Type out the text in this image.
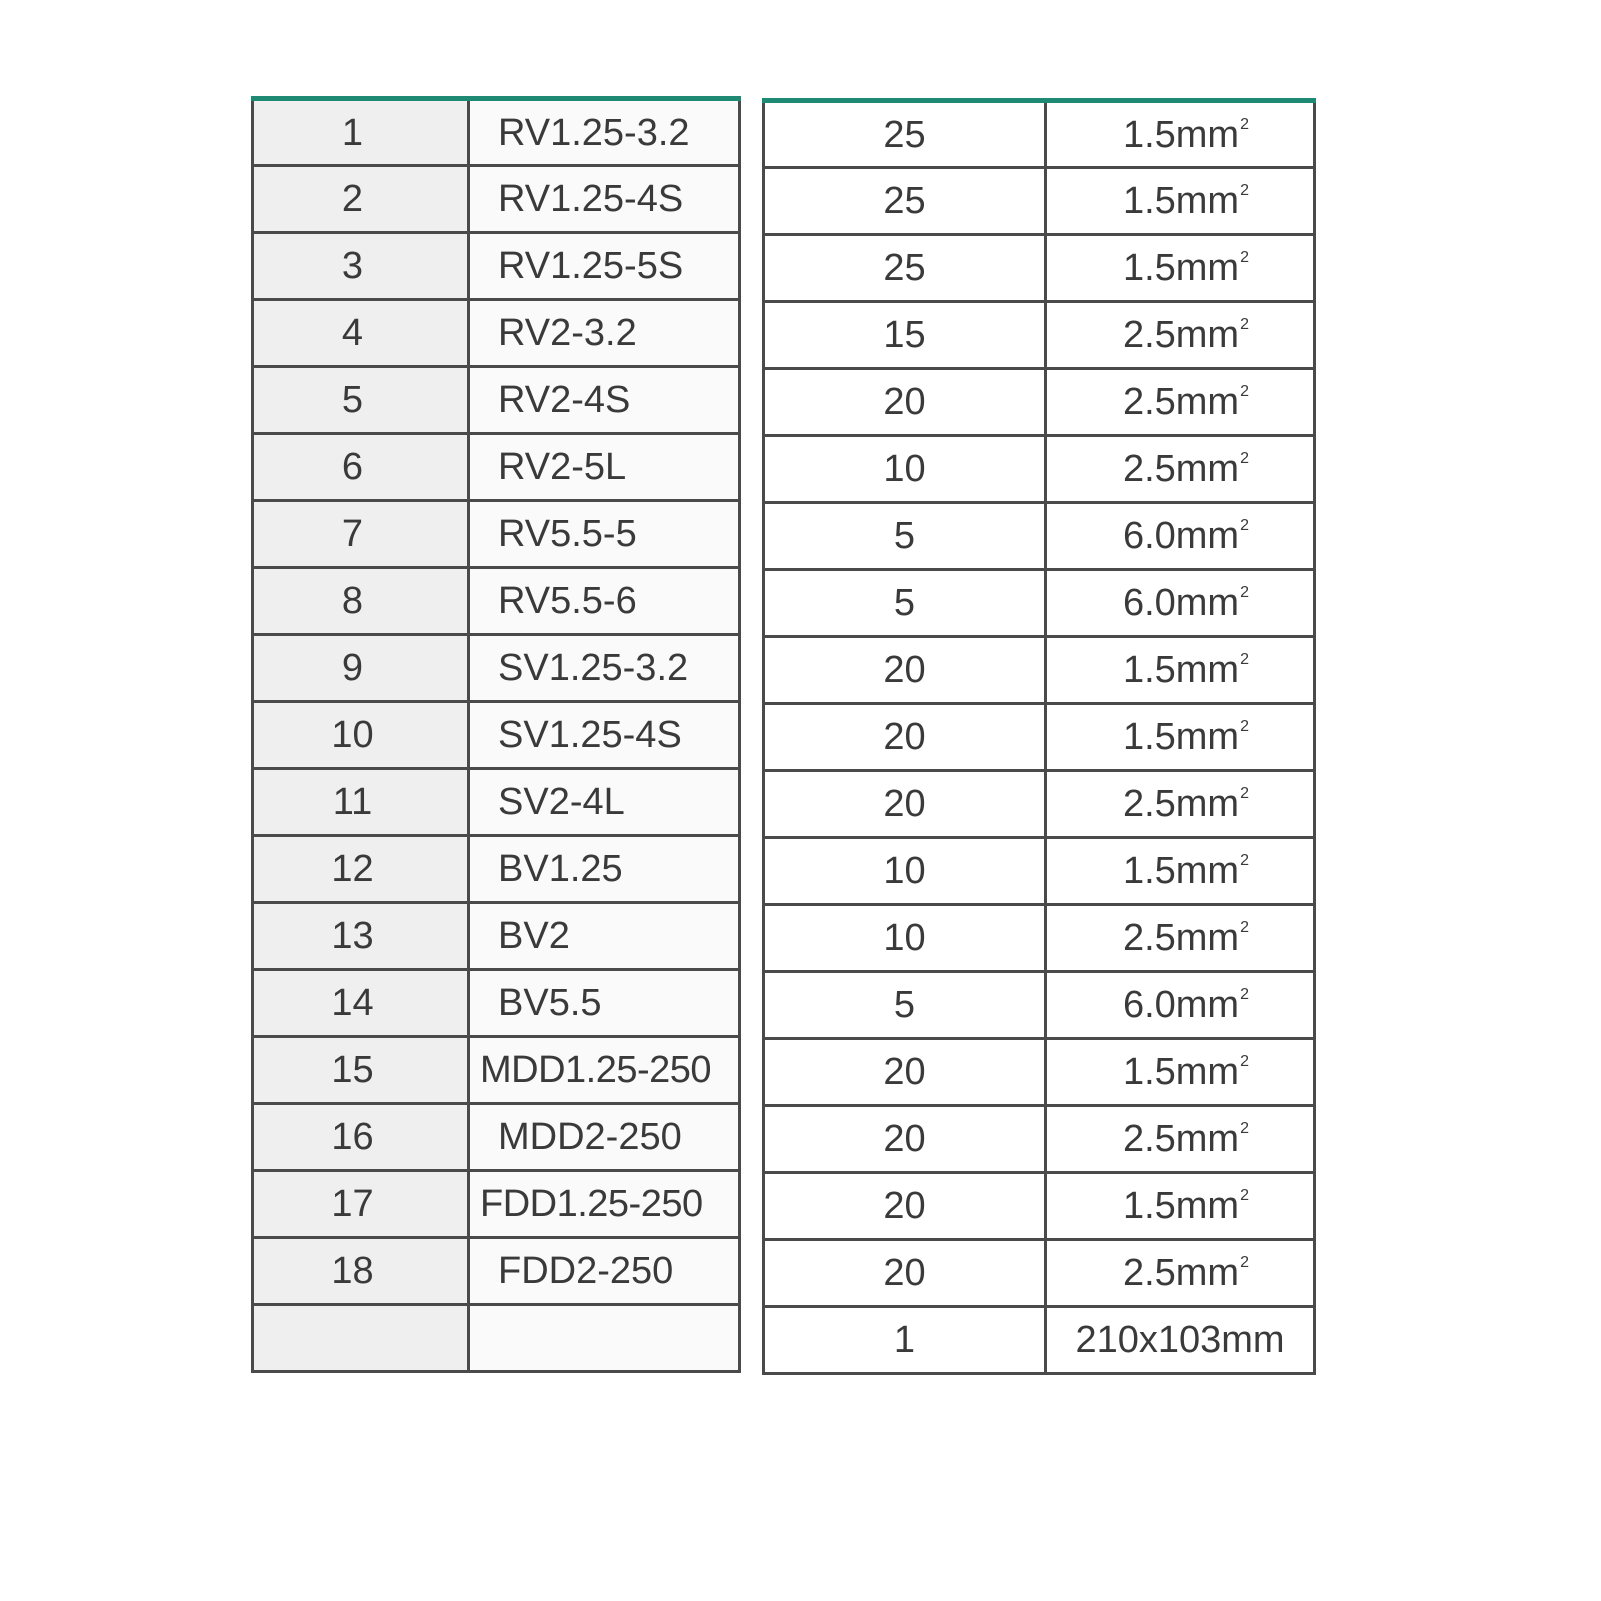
1	RV1.25-3.2
2	RV1.25-4S
3	RV1.25-5S
4	RV2-3.2
5	RV2-4S
6	RV2-5L
7	RV5.5-5
8	RV5.5-6
9	SV1.25-3.2
10	SV1.25-4S
11	SV2-4L
12	BV1.25
13	BV2
14	BV5.5
15	MDD1.25-250
16	MDD2-250
17	FDD1.25-250
18	FDD2-250

25	$1.5mm^2$
25	$1.5mm^2$
25	$1.5mm^2$
15	$2.5mm^2$
20	$2.5mm^2$
10	$2.5mm^2$
5	$6.0mm^2$
5	$6.0mm^2$
20	$1.5mm^2$
20	$1.5mm^2$
20	$2.5mm^2$
10	$1.5mm^2$
10	$2.5mm^2$
5	$6.0mm^2$
20	$1.5mm^2$
20	$2.5mm^2$
20	$1.5mm^2$
20	$2.5mm^2$
1	210x103mm
